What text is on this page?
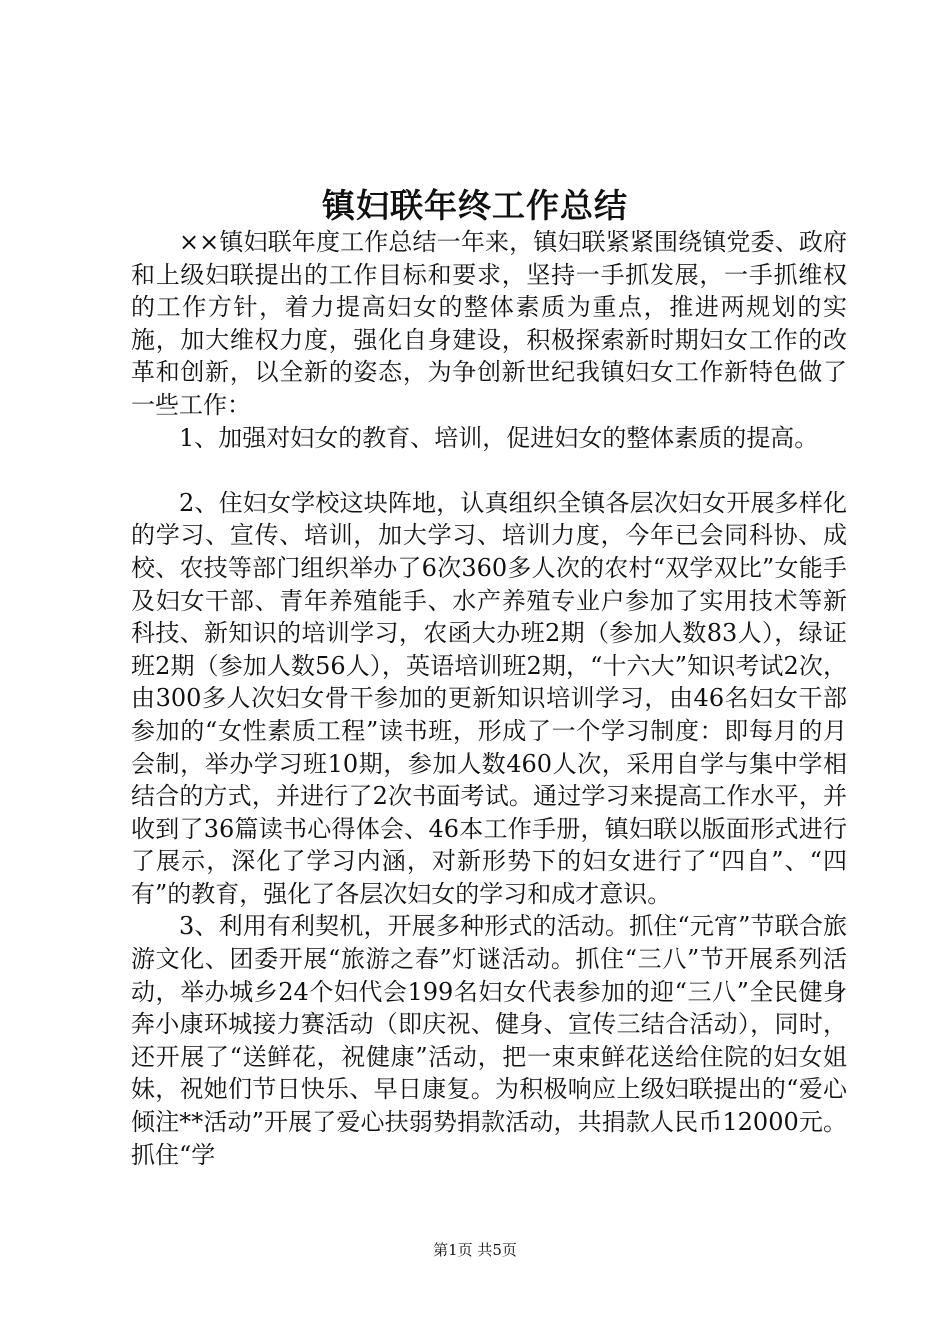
镇妇联年终工作总结

××镇妇联年度工作总结一年来，镇妇联紧紧围绕镇党委、政府和上级妇联提出的工作目标和要求，坚持一手抓发展，一手抓维权的工作方针，着力提高妇女的整体素质为重点，推进两规划的实施，加大维权力度，强化自身建设，积极探索新时期妇女工作的改革和创新，以全新的姿态，为争创新世纪我镇妇女工作新特色做了一些工作：

1、加强对妇女的教育、培训，促进妇女的整体素质的提高。

2、住妇女学校这块阵地，认真组织全镇各层次妇女开展多样化的学习、宣传、培训，加大学习、培训力度，今年已会同科协、成校、农技等部门组织举办了6次360多人次的农村“双学双比”女能手及妇女干部、青年养殖能手、水产养殖专业户参加了实用技术等新科技、新知识的培训学习，农函大办班2期（参加人数83人），绿证班2期（参加人数56人），英语培训班2期，“十六大”知识考试2次，由300多人次妇女骨干参加的更新知识培训学习，由46名妇女干部参加的“女性素质工程”读书班，形成了一个学习制度：即每月的月会制，举办学习班10期，参加人数460人次，采用自学与集中学相结合的方式，并进行了2次书面考试。通过学习来提高工作水平，并收到了36篇读书心得体会、46本工作手册，镇妇联以版面形式进行了展示，深化了学习内涵，对新形势下的妇女进行了“四自”、“四有”的教育，强化了各层次妇女的学习和成才意识。

3、利用有利契机，开展多种形式的活动。抓住“元宵”节联合旅游文化、团委开展“旅游之春”灯谜活动。抓住“三八”节开展系列活动，举办城乡24个妇代会199名妇女代表参加的迎“三八”全民健身奔小康环城接力赛活动（即庆祝、健身、宣传三结合活动），同时，还开展了“送鲜花，祝健康”活动，把一束束鲜花送给住院的妇女姐妹，祝她们节日快乐、早日康复。为积极响应上级妇联提出的“爱心倾注**活动”开展了爱心扶弱势捐款活动，共捐款人民币12000元。抓住“学

第1页 共5页
